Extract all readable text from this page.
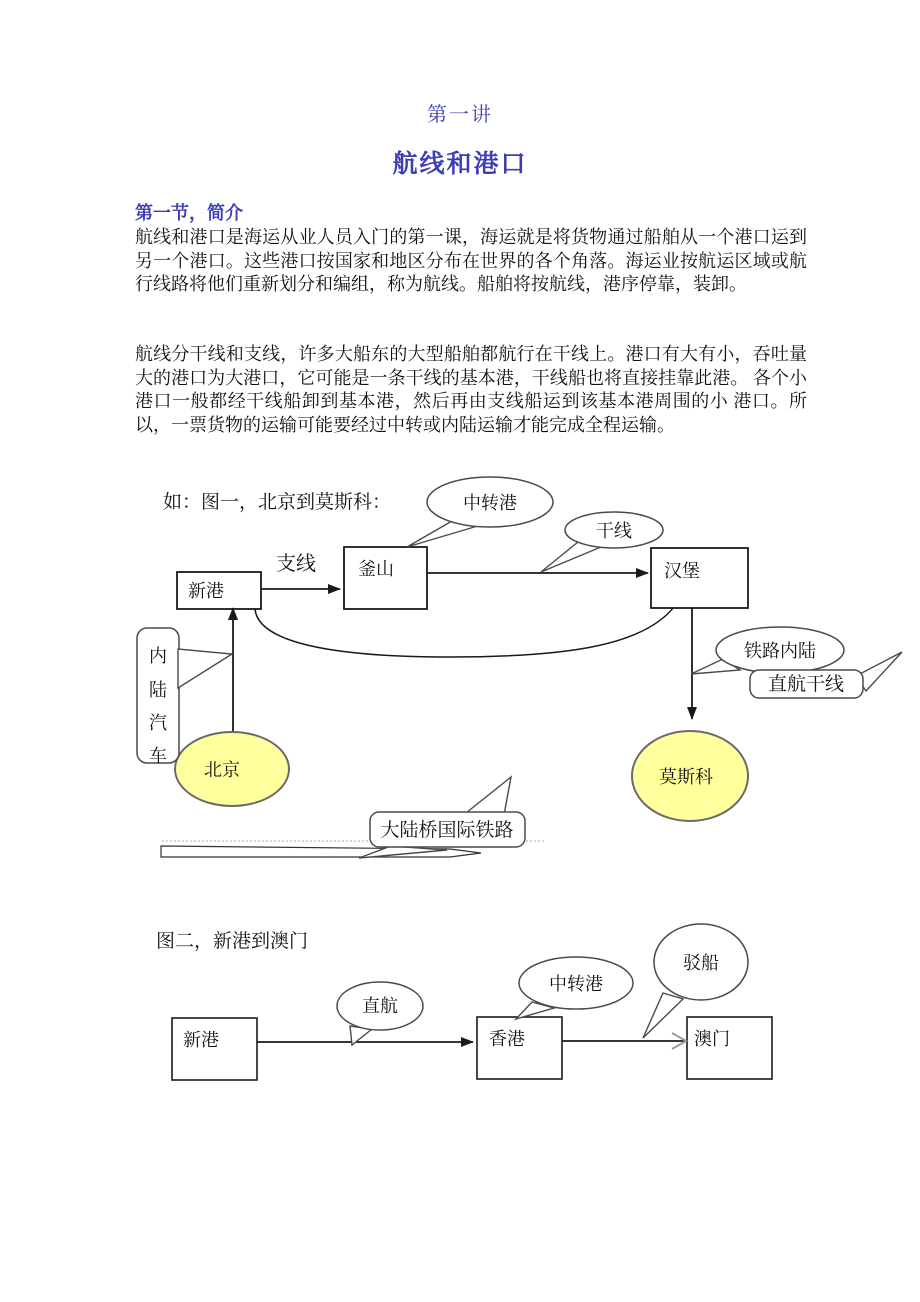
第一讲
航线和港口
第一节，简介
航线和港口是海运从业人员入门的第一课，海运就是将货物通过船舶从一个港口运到另一个港口。这些港口按国家和地区分布在世界的各个角落。海运业按航运区域或航行线路将他们重新划分和编组，称为航线。船舶将按航线，港序停靠，装卸。
航线分干线和支线，许多大船东的大型船舶都航行在干线上。港口有大有小，吞吐量大的港口为大港口，它可能是一条干线的基本港，干线船也将直接挂靠此港。 各个小港口一般都经干线船卸到基本港，然后再由支线船运到该基本港周围的小 港口。所以，一票货物的运输可能要经过中转或内陆运输才能完成全程运输。
如：图一，北京到莫斯科：
图二，新港到澳门
支线
北京	莫斯科
新港
釜山	汉堡
中转港
干线
内
陆
汽
车
铁路内陆
直航干线
大陆桥国际铁路
新港	香港	澳门
直航
中转港
驳船
